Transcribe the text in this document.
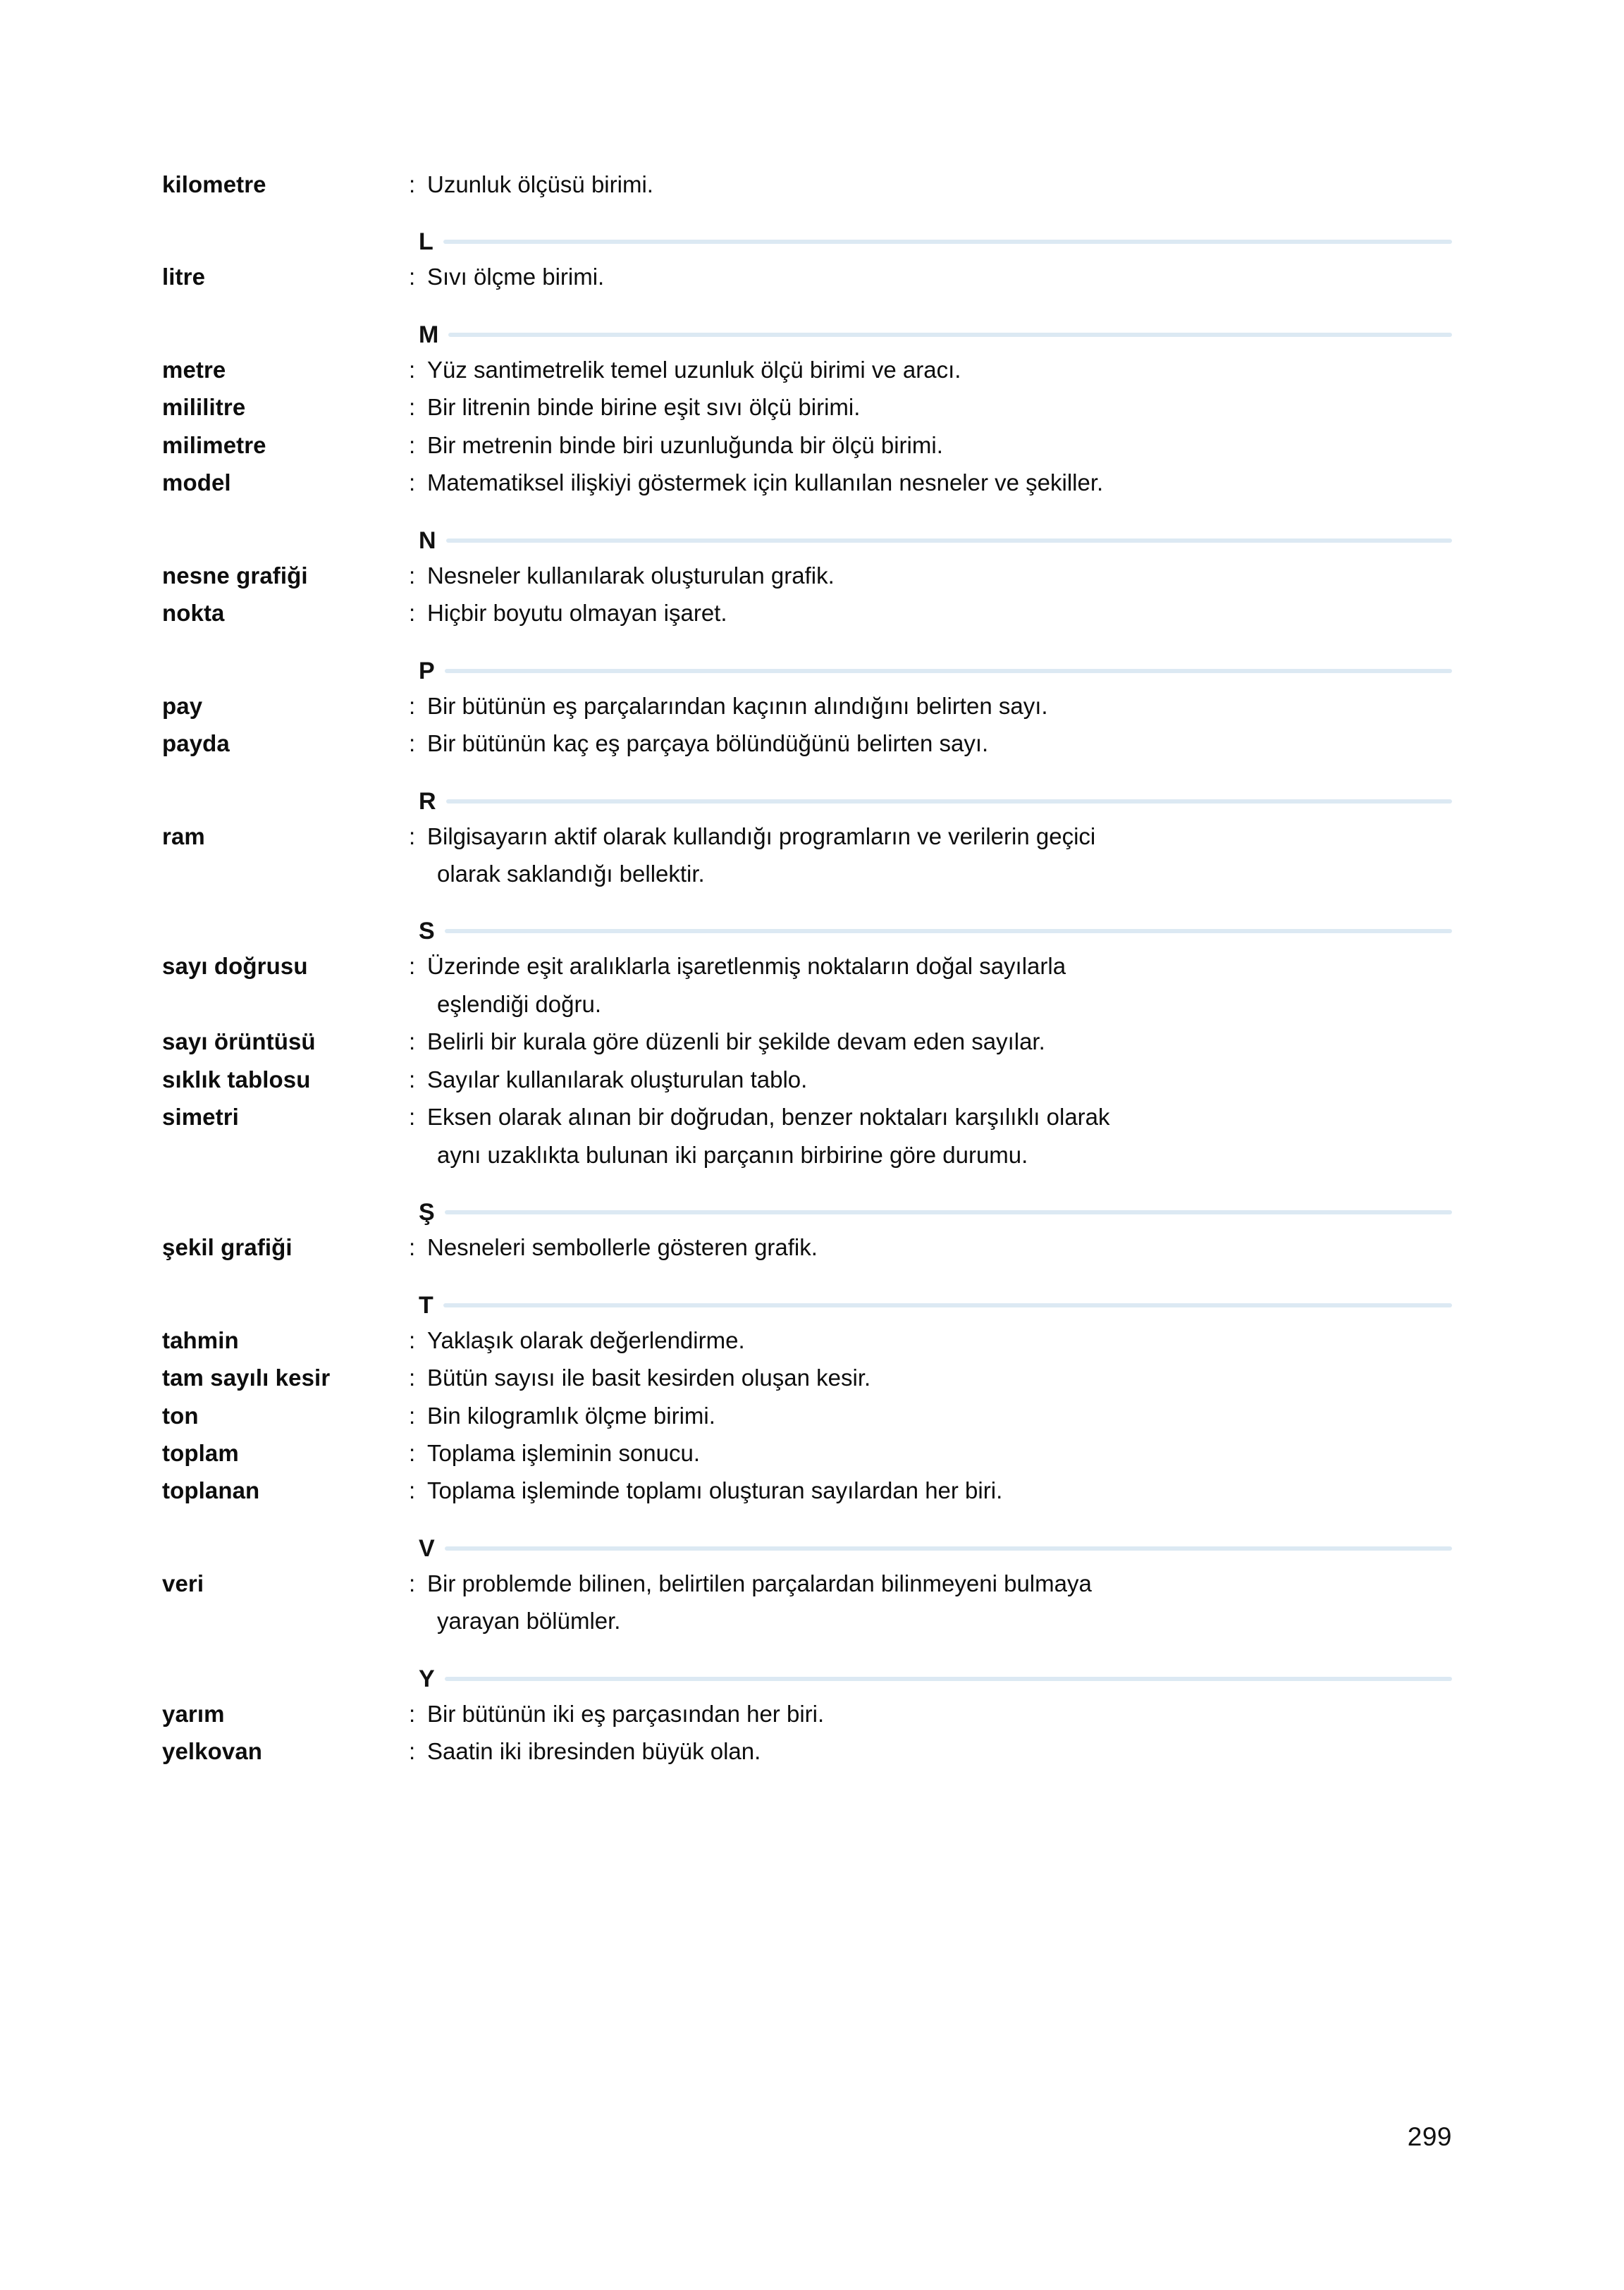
kilometre	: Uzunluk ölçüsü birimi.
L
litre	: Sıvı ölçme birimi.
M
metre	: Yüz santimetrelik temel uzunluk ölçü birimi ve aracı.
mililitre	: Bir litrenin binde birine eşit sıvı ölçü birimi.
milimetre	: Bir metrenin binde biri uzunluğunda bir ölçü birimi.
model	: Matematiksel ilişkiyi göstermek için kullanılan nesneler ve şekiller.
N
nesne grafiği	: Nesneler kullanılarak oluşturulan grafik.
nokta	: Hiçbir boyutu olmayan işaret.
P
pay	: Bir bütünün eş parçalarından kaçının alındığını belirten sayı.
payda	: Bir bütünün kaç eş parçaya bölündüğünü belirten sayı.
R
ram	: Bilgisayarın aktif olarak kullandığı programların ve verilerin geçici
olarak saklandığı bellektir.
S
sayı doğrusu	: Üzerinde eşit aralıklarla işaretlenmiş noktaların doğal sayılarla
eşlendiği doğru.
sayı örüntüsü	: Belirli bir kurala göre düzenli bir şekilde devam eden sayılar.
sıklık tablosu	: Sayılar kullanılarak oluşturulan tablo.
simetri	: Eksen olarak alınan bir doğrudan, benzer noktaları karşılıklı olarak
aynı uzaklıkta bulunan iki parçanın birbirine göre durumu.
Ş
şekil grafiği	: Nesneleri sembollerle gösteren grafik.
T
tahmin	: Yaklaşık olarak değerlendirme.
tam sayılı kesir	: Bütün sayısı ile basit kesirden oluşan kesir.
ton	: Bin kilogramlık ölçme birimi.
toplam	: Toplama işleminin sonucu.
toplanan	: Toplama işleminde toplamı oluşturan sayılardan her biri.
V
veri	: Bir problemde bilinen, belirtilen parçalardan bilinmeyeni bulmaya
yarayan bölümler.
Y
yarım	: Bir bütünün iki eş parçasından her biri.
yelkovan	: Saatin iki ibresinden büyük olan.
299
